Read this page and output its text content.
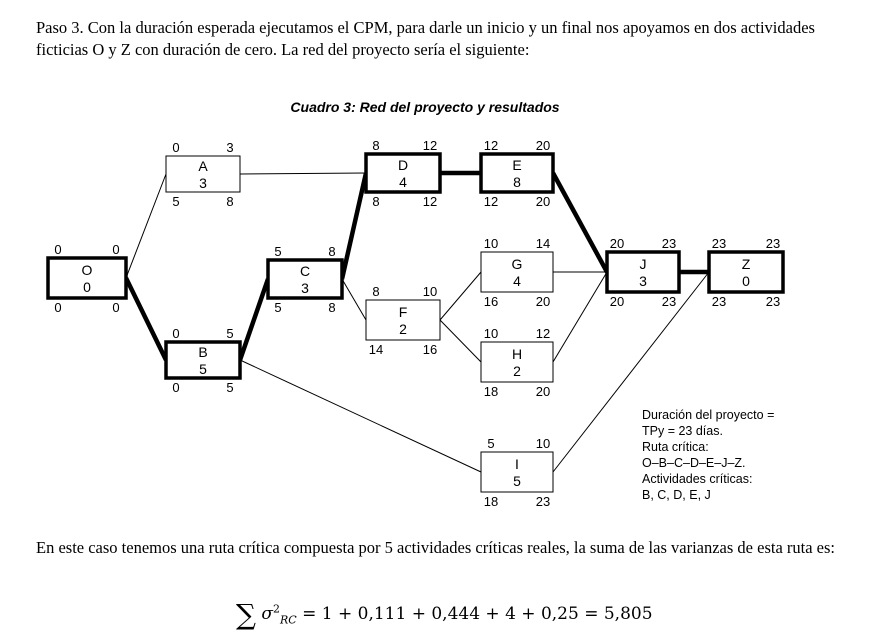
Paso 3. Con la duración esperada ejecutamos el CPM, para darle un inicio y un final nos apoyamos en dos actividades ficticias O y Z con duración de cero. La red del proyecto sería el siguiente:
Cuadro 3: Red del proyecto y resultados
O
0
0	0
0	0
A
3
0	3
5	8
B
5
0	5
0	5
C
3
5	8
5	8
D
4
8	12
8	12
E
8
12	20
12	20
F
2
8	10
14	16
G
4
10	14
16	20
H
2
10	12
18	20
I
5
5	10
18	23
J
3
20	23
20	23
Z
0
23	23
23	23
Duración del proyecto =
TPy = 23 días.
Ruta crítica:
O–B–C–D–E–J–Z.
Actividades críticas:
B, C, D, E, J
En este caso tenemos una ruta crítica compuesta por 5 actividades críticas reales, la suma de las varianzas de esta ruta es:
∑ $\sigma^2_{RC} = 1 + 0,111 + 0,444 + 4 + 0,25 = 5,805$
